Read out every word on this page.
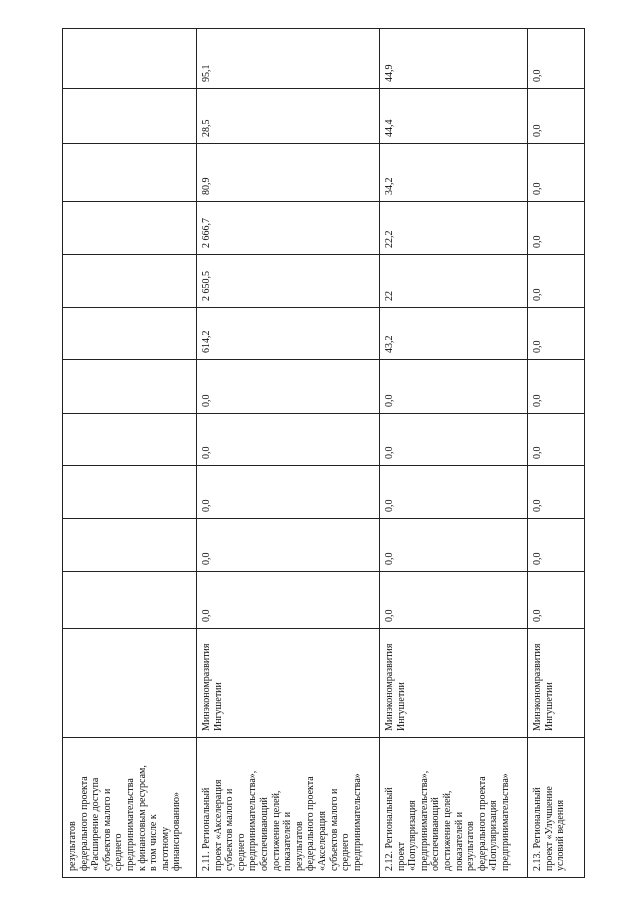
результатов
федерального проекта
«Расширение доступа
субъектов малого и
среднего
предпринимательства
к финансовым ресурсам,
в том числе к
льготному
финансированию» 2.11. Региональный
проект «Акселерация
субъектов малого и
среднего
предпринимательства»,
обеспечивающий
достижение целей,
показателей и
результатов
федерального проекта
«Акселерация
субъектов малого и
среднего
предпринимательства»
Минэкономразвития
Ингушетии
0,0
0,0
0,0
0,0
0,0
614,2
2 650,5
2 666,7
80,9
28,5
95,1
2.12. Региональный
проект
«Популяризация
предпринимательства»,
обеспечивающий
достижение целей,
показателей и
результатов
федерального проекта
«Популяризация
предпринимательства»
Минэкономразвития
Ингушетии
0,0
0,0
0,0
0,0
0,0
43,2
22
22,2
34,2
44,4
44,9
2.13. Региональный
проект «Улучшение
условий ведения
Минэкономразвития
Ингушетии
0,0
0,0
0,0
0,0
0,0
0,0
0,0
0,0
0,0
0,0
0,0
